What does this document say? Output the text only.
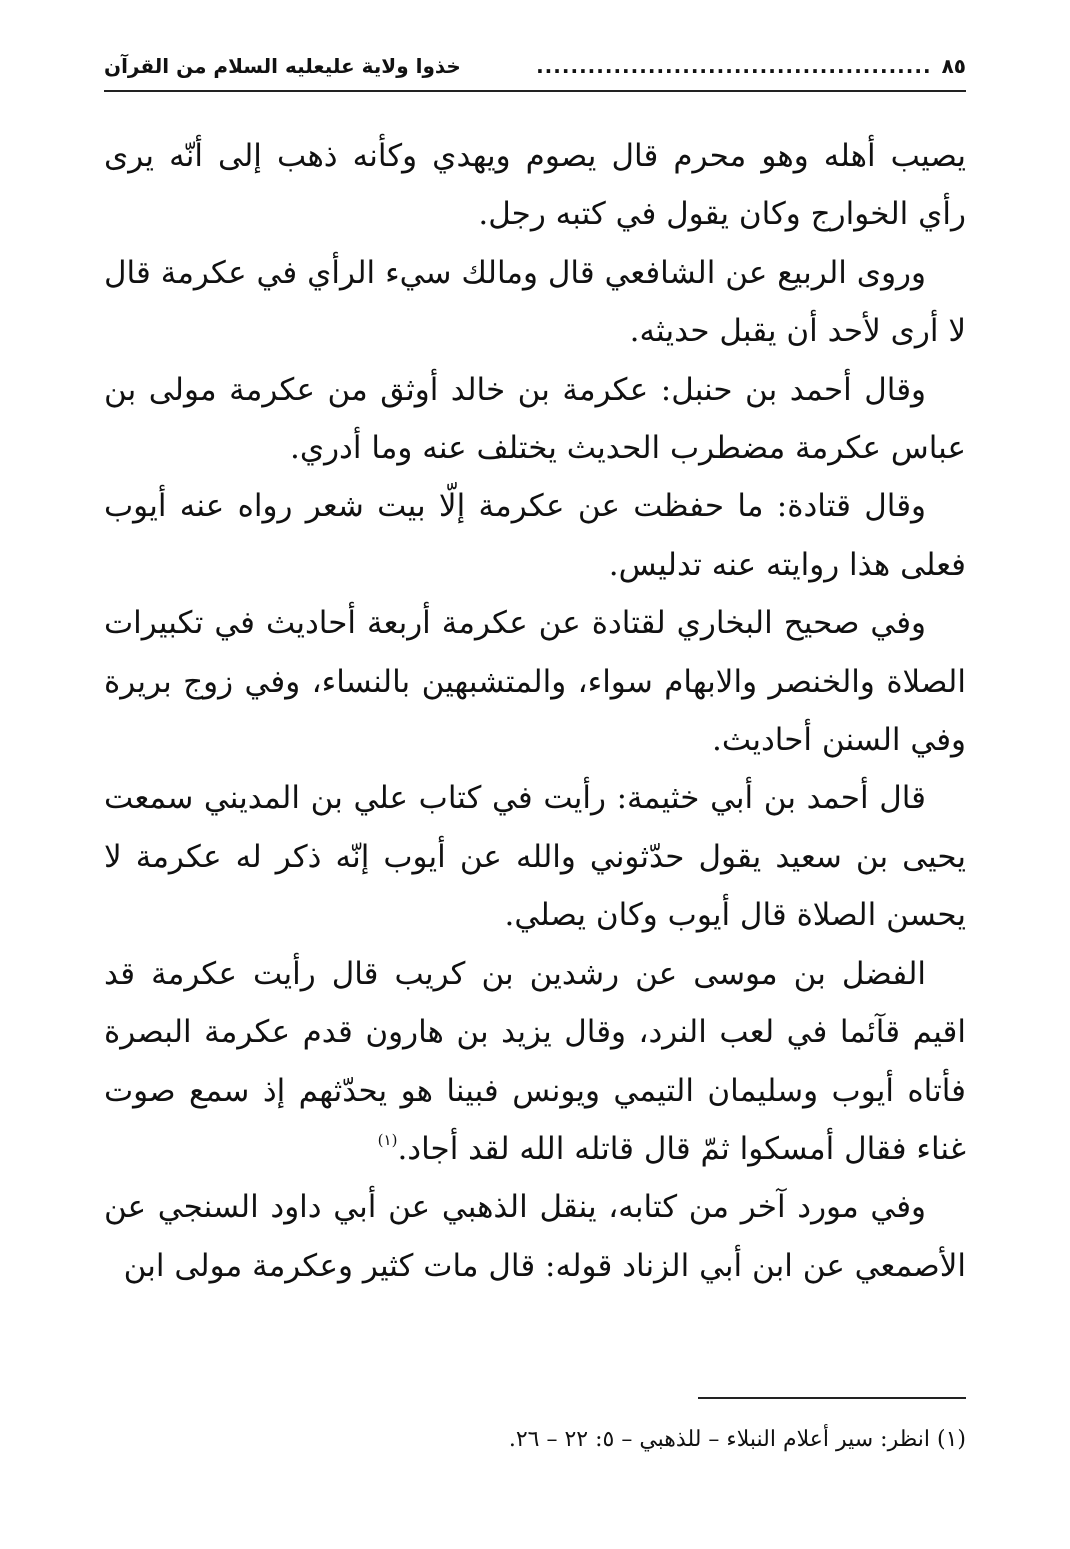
٨٥
..............................................
خذوا ولاية عليعليه السلام من القرآن

يصيب أهله وهو محرم قال يصوم ويهدي وكأنه ذهب إلى أنّه يرى رأي الخوارج وكان يقول في كتبه رجل.

وروى الربيع عن الشافعي قال ومالك سيء الرأي في عكرمة قال لا أرى لأحد أن يقبل حديثه.

وقال أحمد بن حنبل: عكرمة بن خالد أوثق من عكرمة مولى بن عباس عكرمة مضطرب الحديث يختلف عنه وما أدري.

وقال قتادة: ما حفظت عن عكرمة إلّا بيت شعر رواه عنه أيوب فعلى هذا روايته عنه تدليس.

وفي صحيح البخاري لقتادة عن عكرمة أربعة أحاديث في تكبيرات الصلاة والخنصر والابهام سواء، والمتشبهين بالنساء، وفي زوج بريرة وفي السنن أحاديث.

قال أحمد بن أبي خثيمة: رأيت في كتاب علي بن المديني سمعت يحيى بن سعيد يقول حدّثوني والله عن أيوب إنّه ذكر له عكرمة لا يحسن الصلاة قال أيوب وكان يصلي.

الفضل بن موسى عن رشدين بن كريب قال رأيت عكرمة قد اقيم قآئما في لعب النرد، وقال يزيد بن هارون قدم عكرمة البصرة فأتاه أيوب وسليمان التيمي ويونس فبينا هو يحدّثهم إذ سمع صوت غناء فقال أمسكوا ثمّ قال قاتله الله لقد أجاد.$^{(١)}$

وفي مورد آخر من كتابه، ينقل الذهبي عن أبي داود السنجي عن الأصمعي عن ابن أبي الزناد قوله: قال مات كثير وعكرمة مولى ابن

(١) انظر: سير أعلام النبلاء – للذهبي – ٥: ٢٢ – ٢٦.
